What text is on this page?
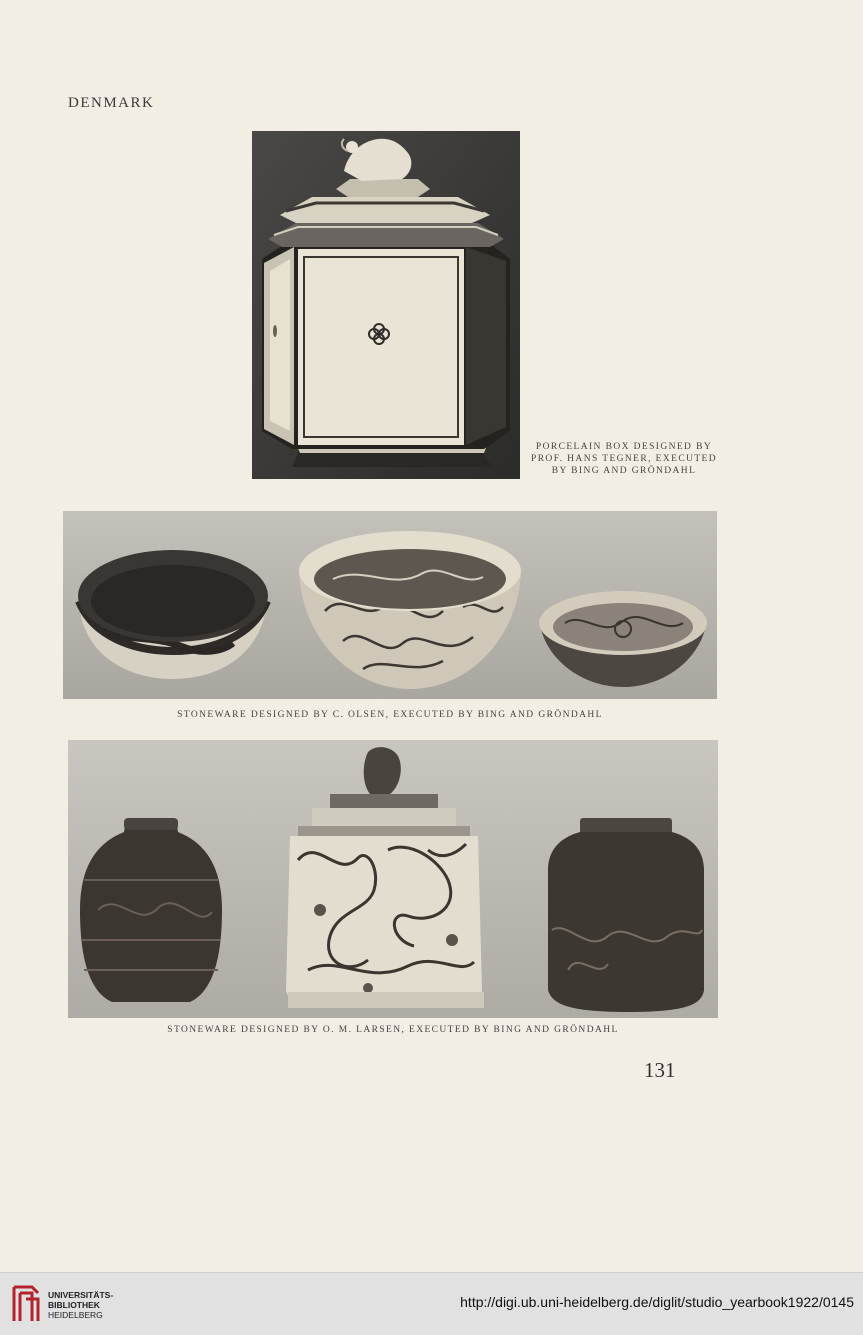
DENMARK
PORCELAIN BOX DESIGNED BY
PROF. HANS TEGNER, EXECUTED
BY BING AND GRÖNDAHL
STONEWARE DESIGNED BY C. OLSEN, EXECUTED BY BING AND GRÖNDAHL
STONEWARE DESIGNED BY O. M. LARSEN, EXECUTED BY BING AND GRÖNDAHL
131
UNIVERSITÄTS-
BIBLIOTHEK
HEIDELBERG
http://digi.ub.uni-heidelberg.de/diglit/studio_yearbook1922/0145
